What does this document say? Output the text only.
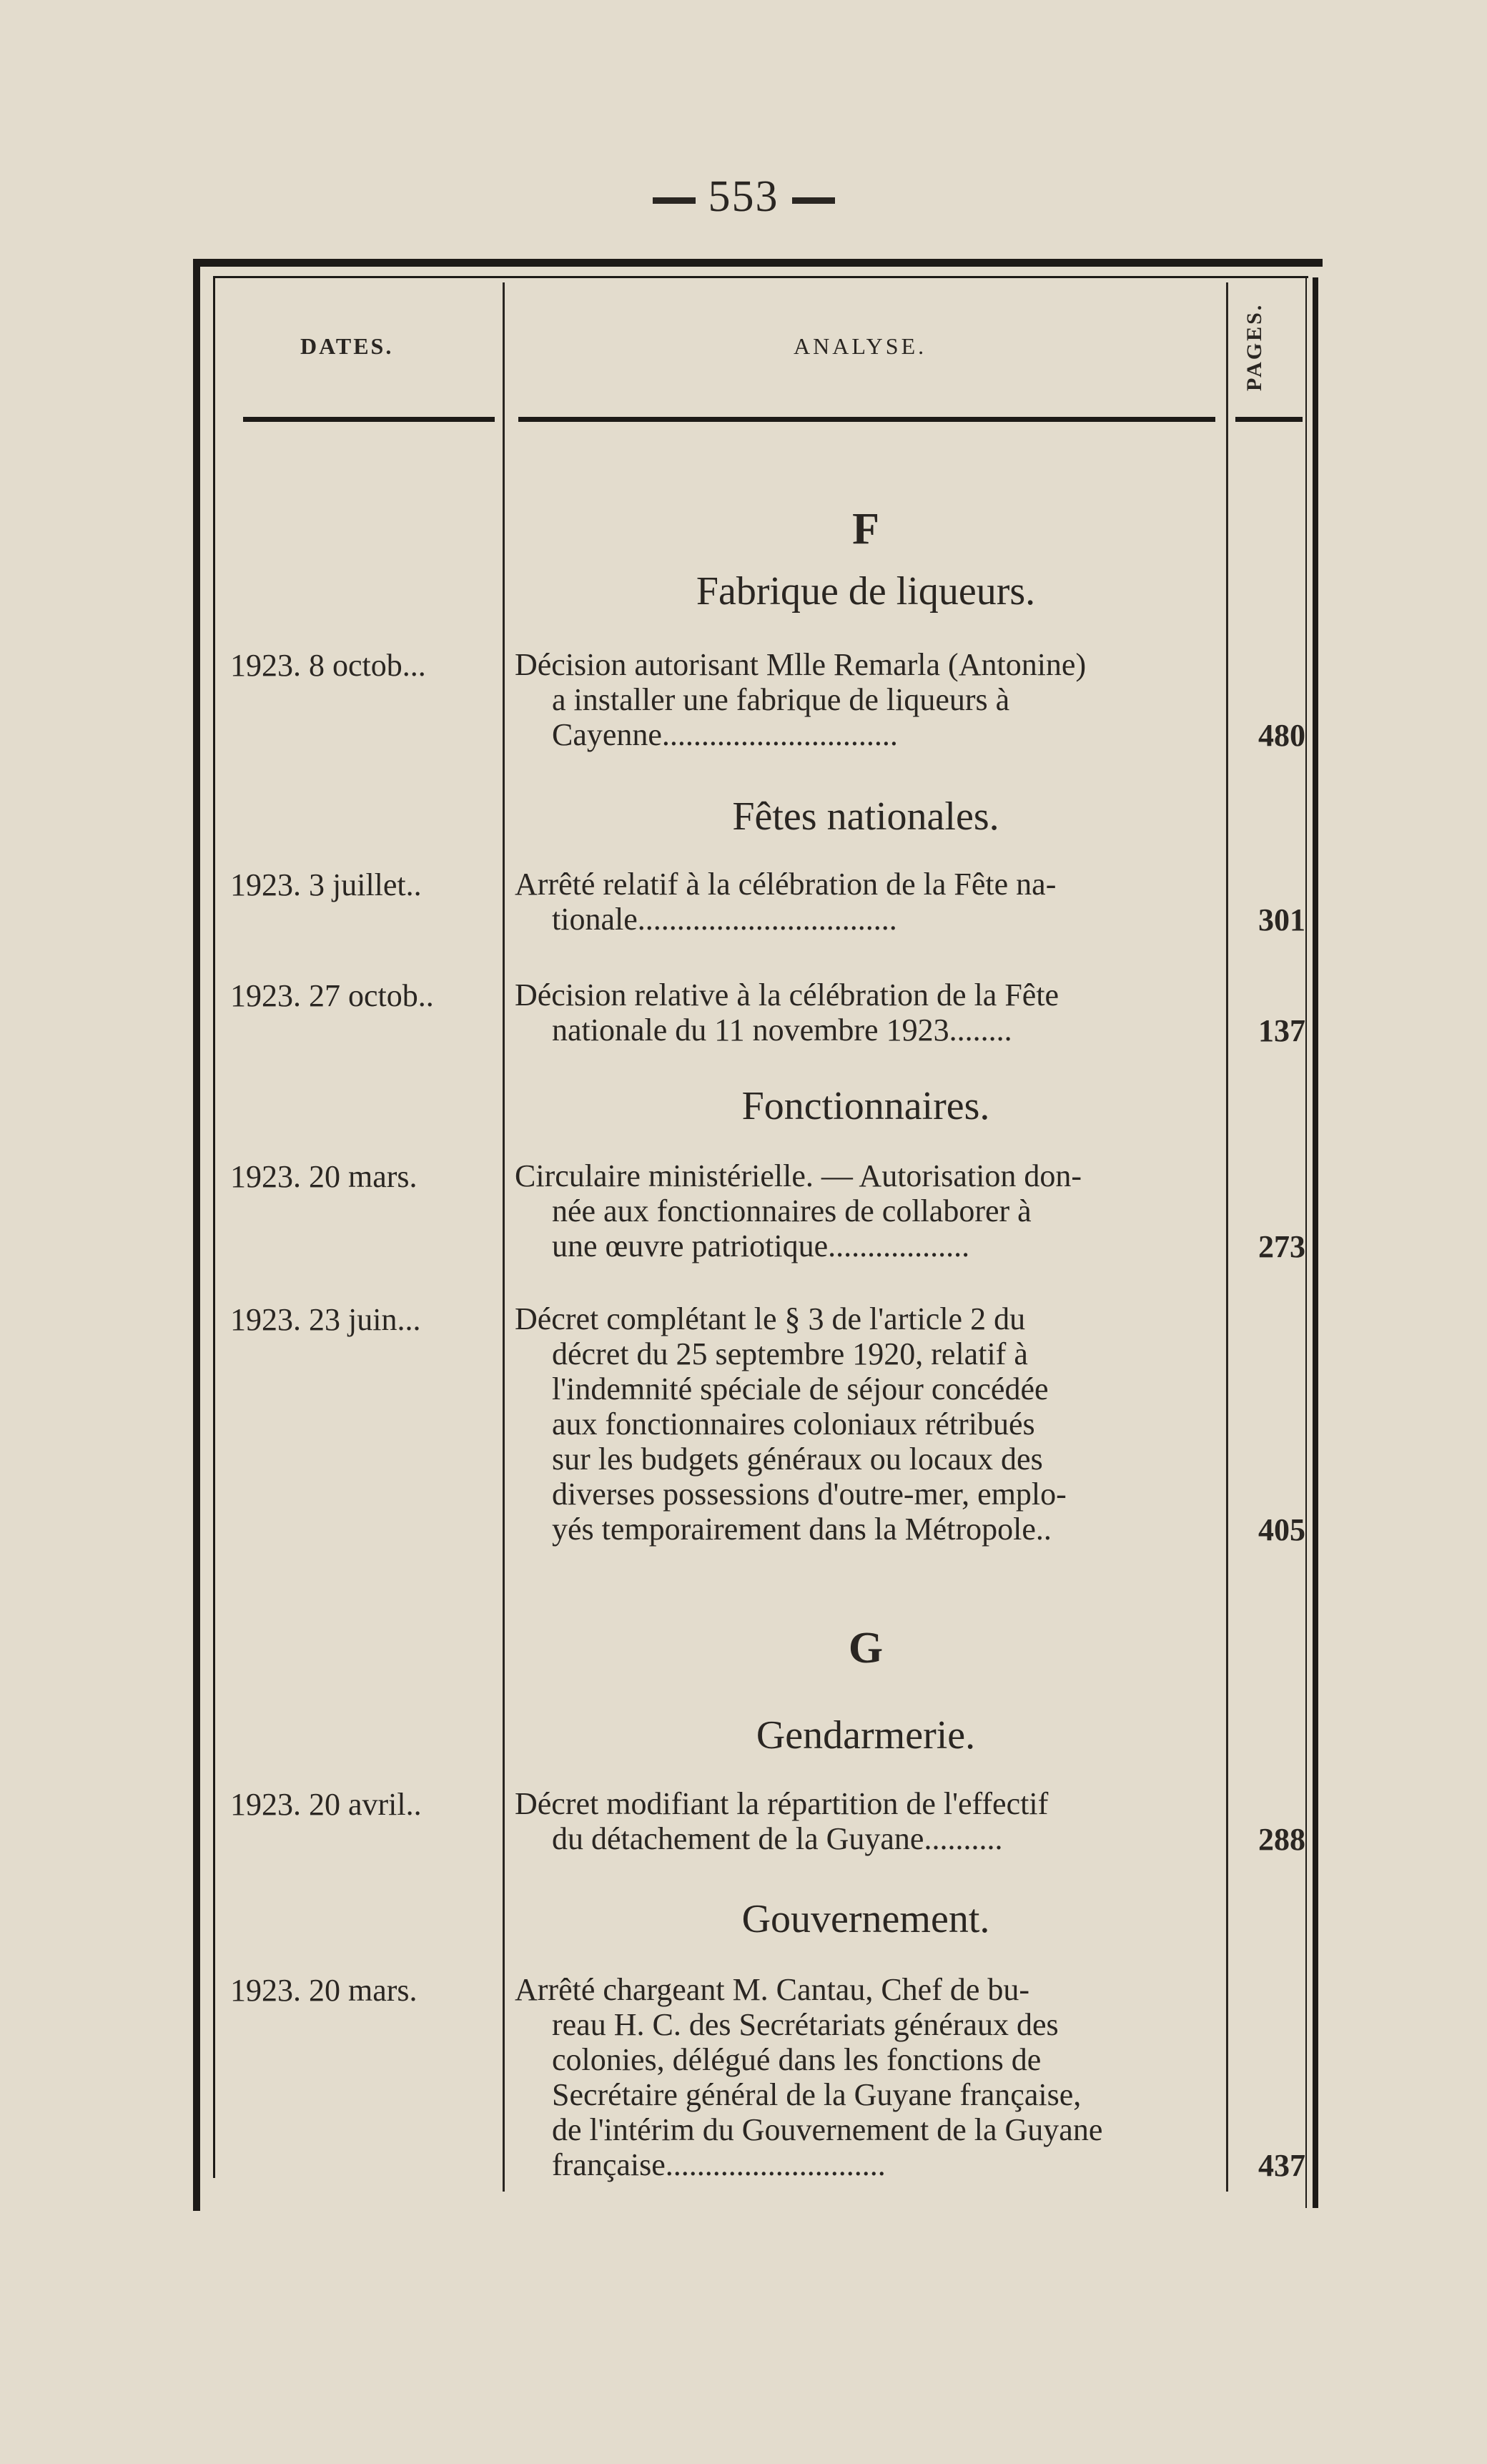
553
DATES.	ANALYSE.	PAGES.
F
Fabrique de liqueurs.
1923. 8 octob...	Décision autorisant Mlle Remarla (Antonine)
a installer une fabrique de liqueurs à
Cayenne..............................	480
Fêtes nationales.
1923. 3 juillet..	Arrêté relatif à la célébration de la Fête na-
tionale.................................	301
1923. 27 octob..	Décision relative à la célébration de la Fête
nationale du 11 novembre 1923........	137
Fonctionnaires.
1923. 20 mars.	Circulaire ministérielle. — Autorisation don-
née aux fonctionnaires de collaborer à
une œuvre patriotique..................	273
1923. 23 juin...	Décret complétant le § 3 de l'article 2 du
décret du 25 septembre 1920, relatif à
l'indemnité spéciale de séjour concédée
aux fonctionnaires coloniaux rétribués
sur les budgets généraux ou locaux des
diverses possessions d'outre-mer, emplo-
yés temporairement dans la Métropole..	405
G
Gendarmerie.
1923. 20 avril..	Décret modifiant la répartition de l'effectif
du détachement de la Guyane..........	288
Gouvernement.
1923. 20 mars.	Arrêté chargeant M. Cantau, Chef de bu-
reau H. C. des Secrétariats généraux des
colonies, délégué dans les fonctions de
Secrétaire général de la Guyane française,
de l'intérim du Gouvernement de la Guyane
française............................	437
